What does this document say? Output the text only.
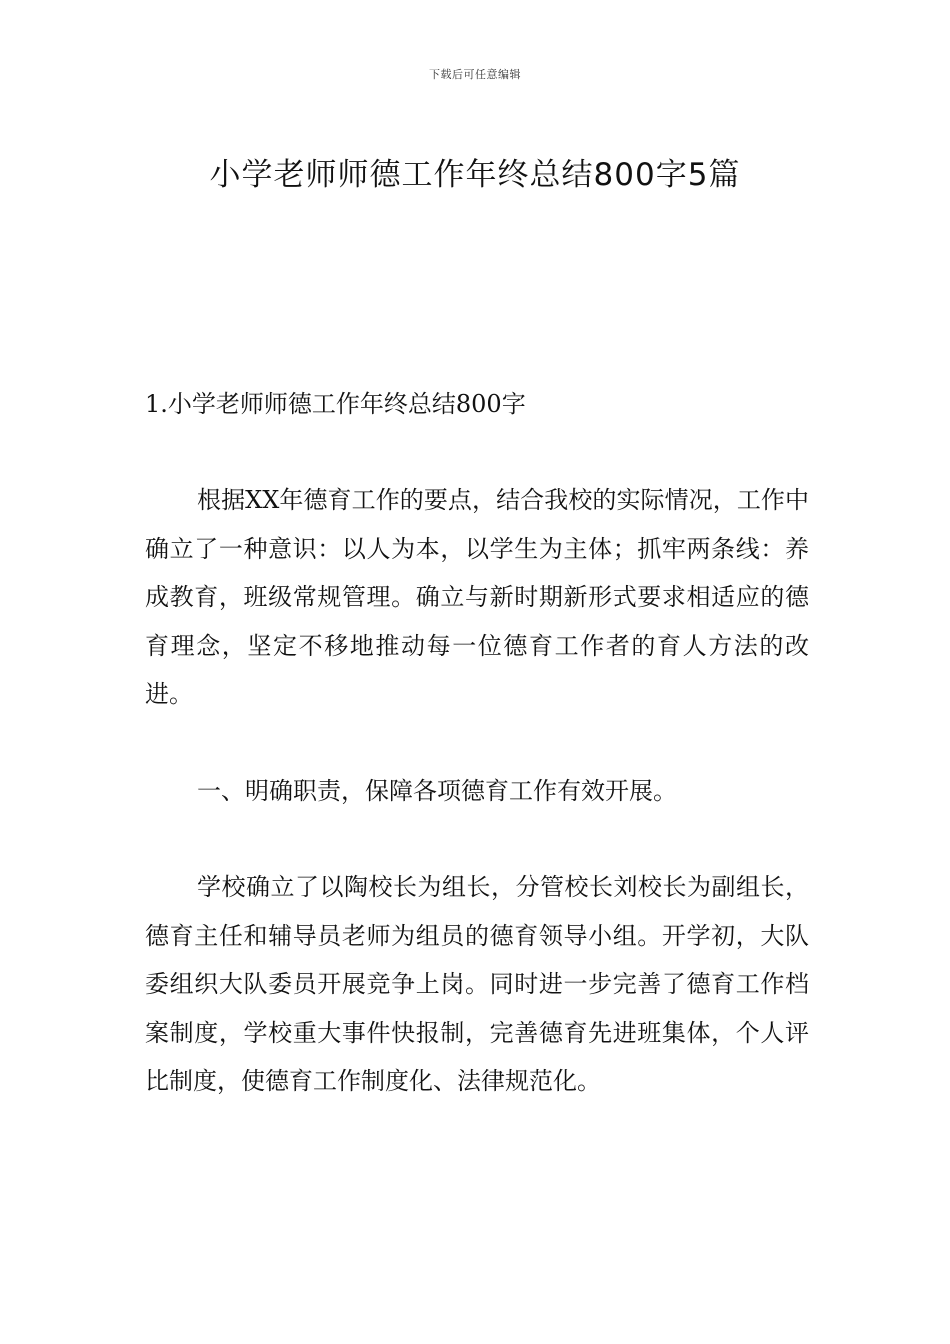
下载后可任意编辑
小学老师师德工作年终总结800字5篇

1.小学老师师德工作年终总结800字

根据XX年德育工作的要点，结合我校的实际情况，工作中确立了一种意识：以人为本，以学生为主体；抓牢两条线：养成教育，班级常规管理。确立与新时期新形式要求相适应的德育理念，坚定不移地推动每一位德育工作者的育人方法的改进。

一、明确职责，保障各项德育工作有效开展。

学校确立了以陶校长为组长，分管校长刘校长为副组长，德育主任和辅导员老师为组员的德育领导小组。开学初，大队委组织大队委员开展竞争上岗。同时进一步完善了德育工作档案制度，学校重大事件快报制，完善德育先进班集体，个人评比制度，使德育工作制度化、法律规范化。
